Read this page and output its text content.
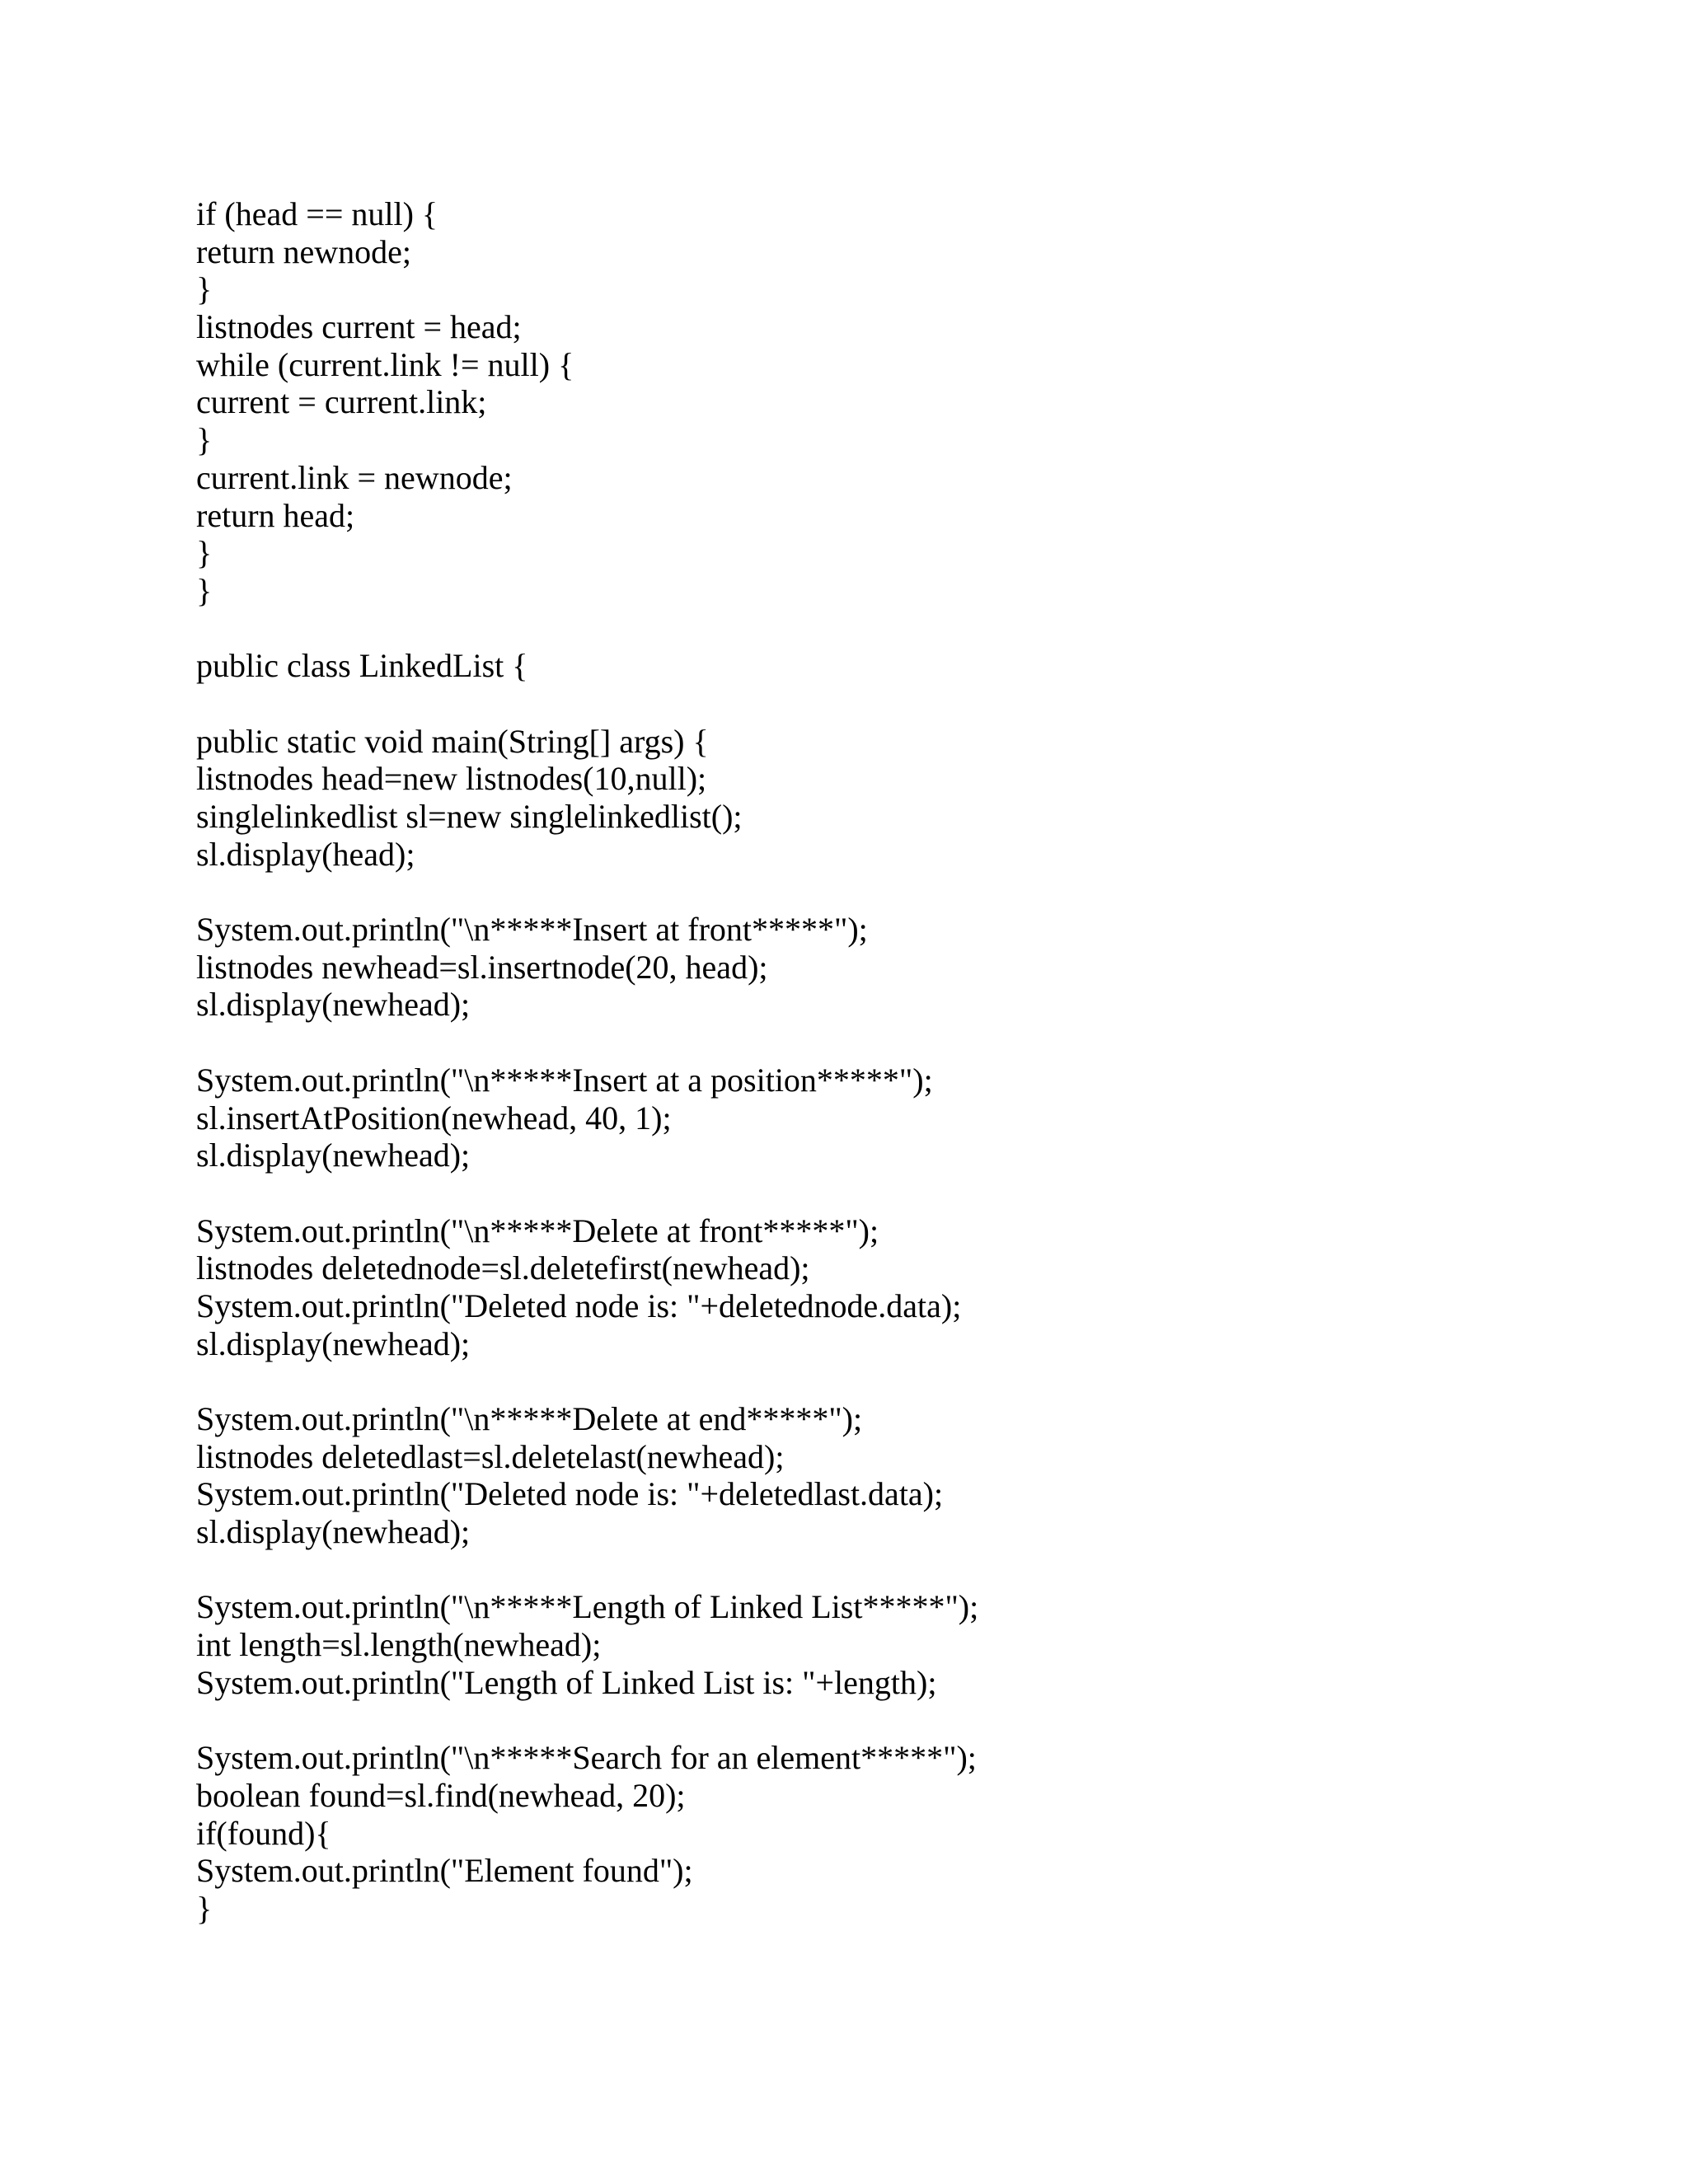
if (head == null) {
return newnode;
}
listnodes current = head;
while (current.link != null) {
current = current.link;
}
current.link = newnode;
return head;
}
}
public class LinkedList {
public static void main(String[] args) {
listnodes head=new listnodes(10,null);
singlelinkedlist sl=new singlelinkedlist();
sl.display(head);
System.out.println("\n*****Insert at front*****");
listnodes newhead=sl.insertnode(20, head);
sl.display(newhead);
System.out.println("\n*****Insert at a position*****");
sl.insertAtPosition(newhead, 40, 1);
sl.display(newhead);
System.out.println("\n*****Delete at front*****");
listnodes deletednode=sl.deletefirst(newhead);
System.out.println("Deleted node is: "+deletednode.data);
sl.display(newhead);
System.out.println("\n*****Delete at end*****");
listnodes deletedlast=sl.deletelast(newhead);
System.out.println("Deleted node is: "+deletedlast.data);
sl.display(newhead);
System.out.println("\n*****Length of Linked List*****");
int length=sl.length(newhead);
System.out.println("Length of Linked List is: "+length);
System.out.println("\n*****Search for an element*****");
boolean found=sl.find(newhead, 20);
if(found){
System.out.println("Element found");
}
